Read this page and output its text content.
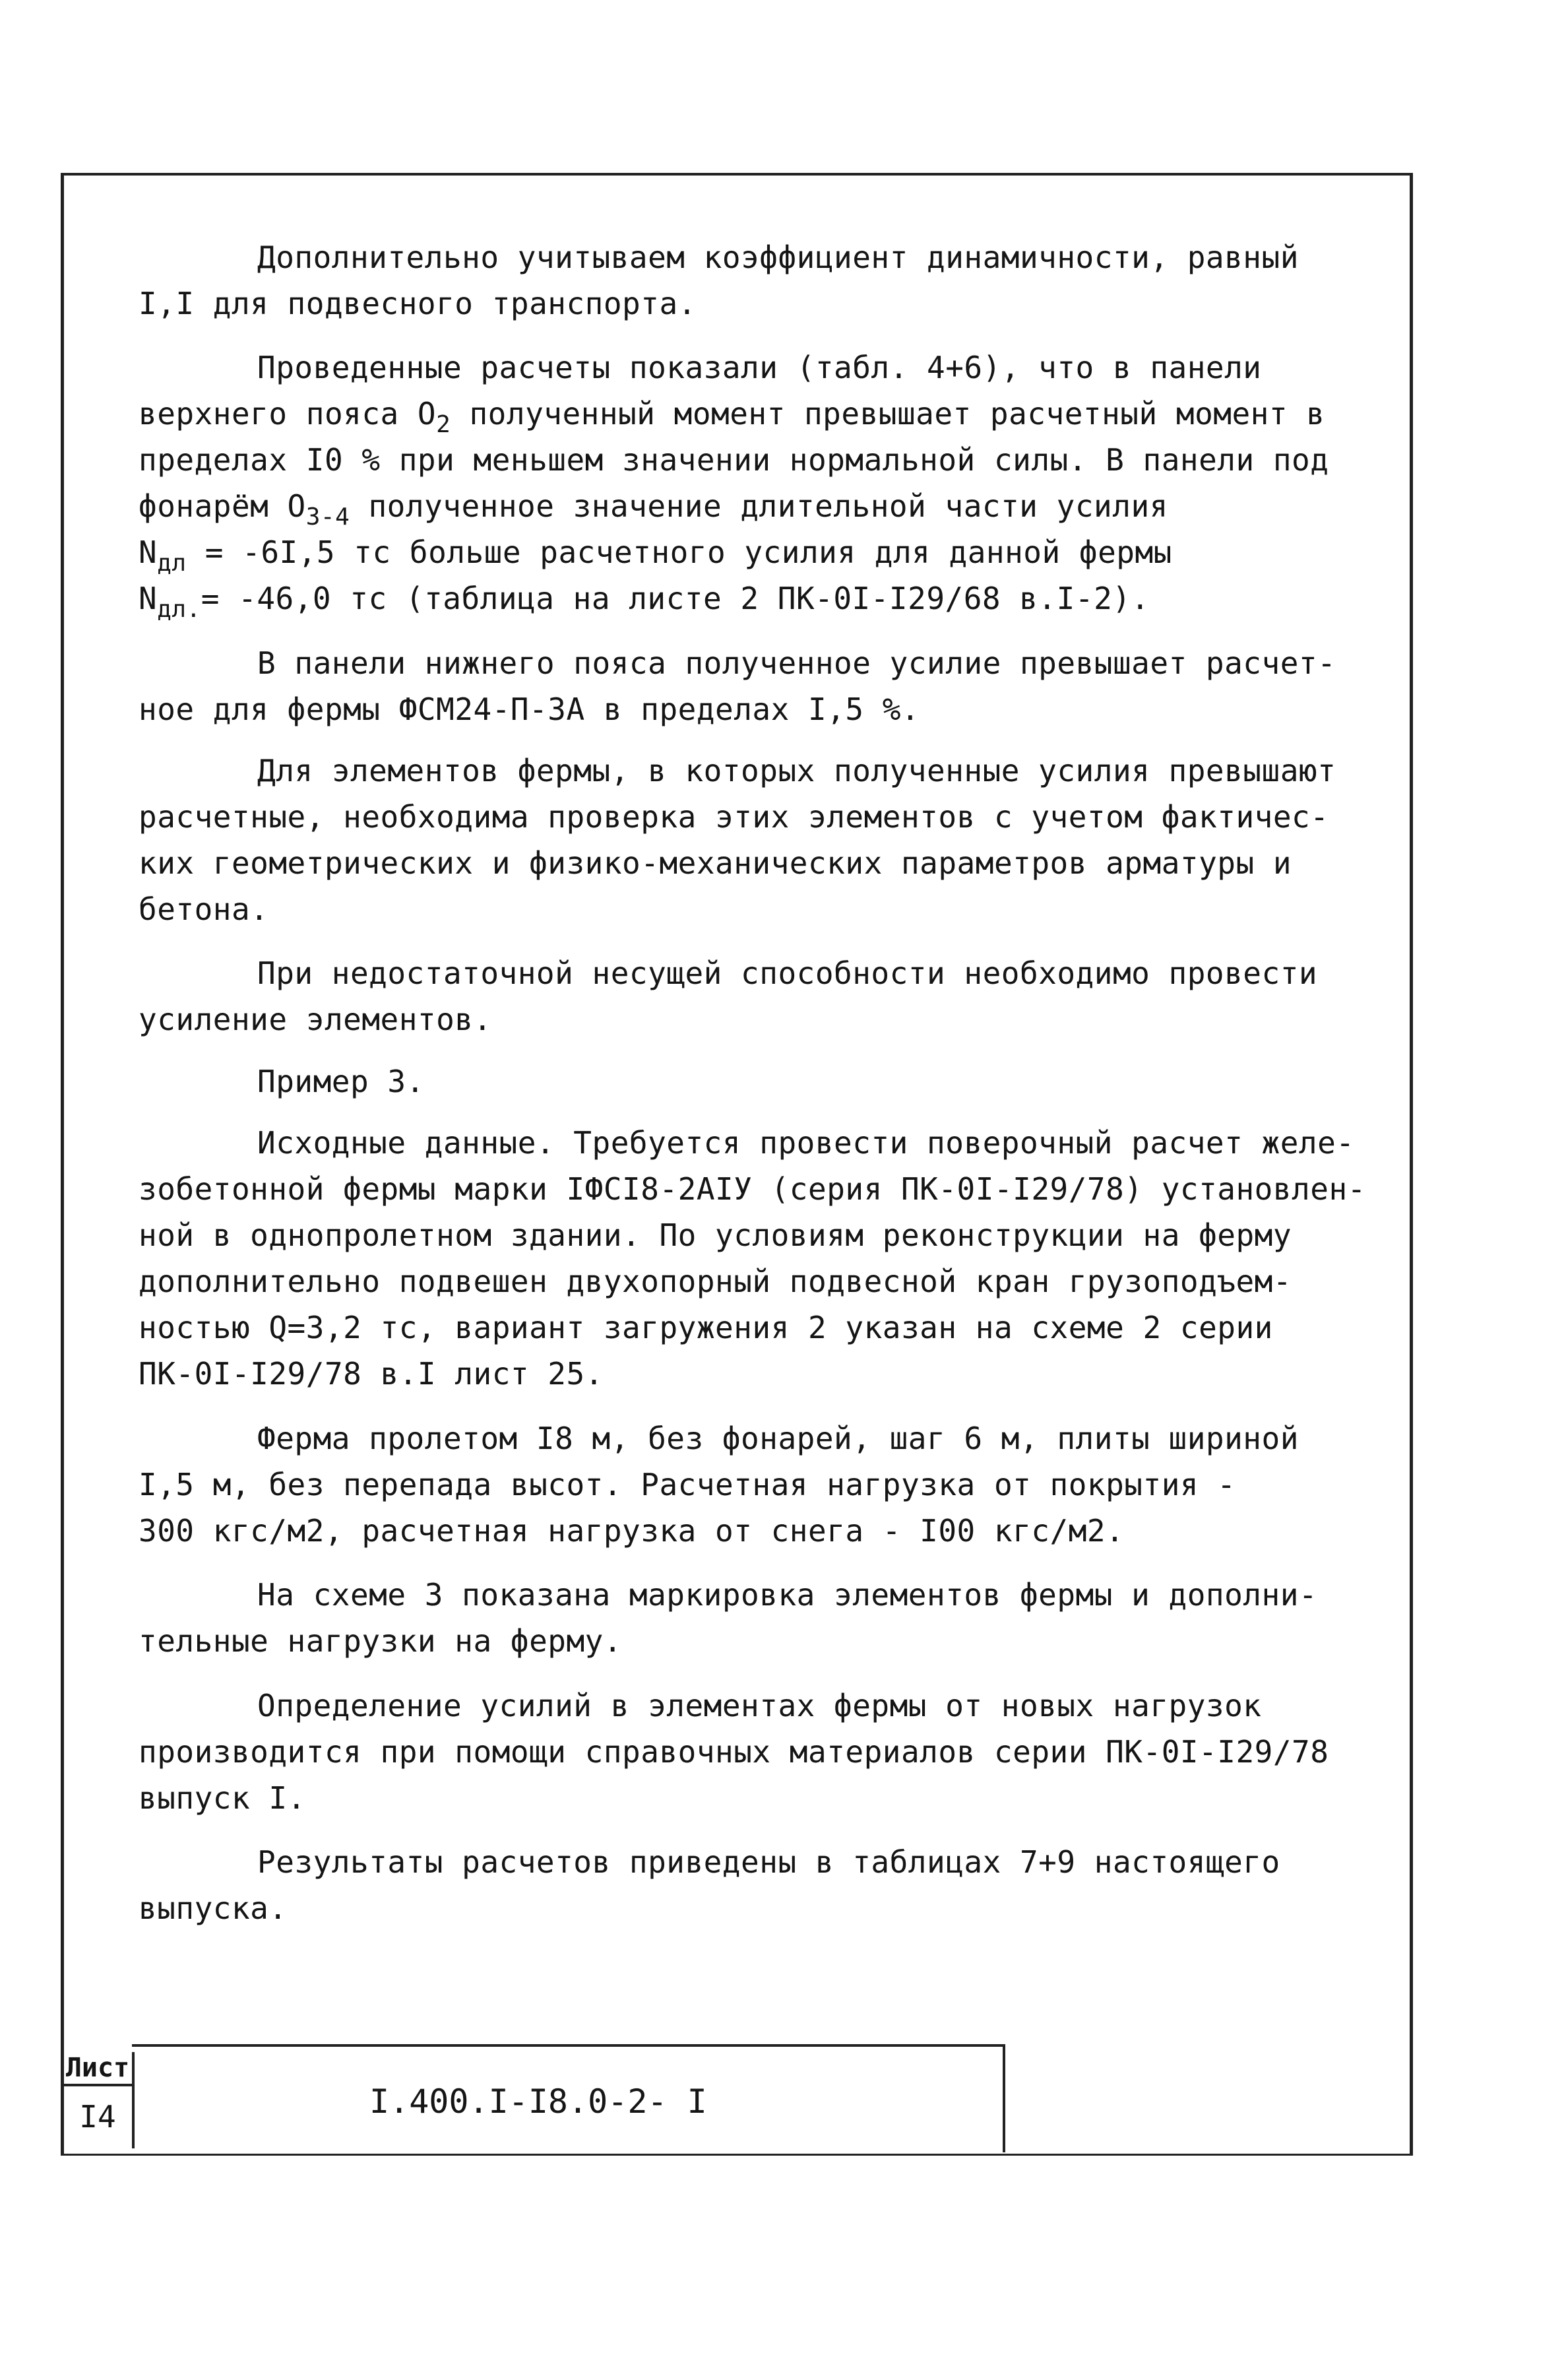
Дополнительно учитываем коэффициент динамичности, равный
I,I для подвесного транспорта.
Проведенные расчеты показали (табл. 4+6), что в панели
верхнего пояса $O_2$ полученный момент превышает расчетный момент в
пределах I0 % при меньшем значении нормальной силы. В панели под
фонарём $O_{3-4}$ полученное значение длительной части усилия
$N_{дл} = -6I,5$ тс больше расчетного усилия для данной фермы
$N_{дл.}= -46,0$ тс (таблица на листе 2 ПК-0I-I29/68 в.I-2).
В панели нижнего пояса полученное усилие превышает расчет-
ное для фермы ФСМ24-П-3А в пределах I,5 %.
Для элементов фермы, в которых полученные усилия превышают
расчетные, необходима проверка этих элементов с учетом фактичес-
ких геометрических и физико-механических параметров арматуры и
бетона.
При недостаточной несущей способности необходимо провести
усиление элементов.
Пример 3.
Исходные данные. Требуется провести поверочный расчет желе-
зобетонной фермы марки IФСI8-2АIУ (серия ПК-0I-I29/78) установлен-
ной в однопролетном здании. По условиям реконструкции на ферму
дополнительно подвешен двухопорный подвесной кран грузоподъем-
ностью Q=3,2 тс, вариант загружения 2 указан на схеме 2 серии
ПК-0I-I29/78 в.I лист 25.
Ферма пролетом I8 м, без фонарей, шаг 6 м, плиты шириной
I,5 м, без перепада высот. Расчетная нагрузка от покрытия -
300 кгс/м2, расчетная нагрузка от снега - I00 кгс/м2.
На схеме 3 показана маркировка элементов фермы и дополни-
тельные нагрузки на ферму.
Определение усилий в элементах фермы от новых нагрузок
производится при помощи справочных материалов серии ПК-0I-I29/78
выпуск I.
Результаты расчетов приведены в таблицах 7+9 настоящего
выпуска.
Лист
I4	I.400.I-I8.0-2- I
